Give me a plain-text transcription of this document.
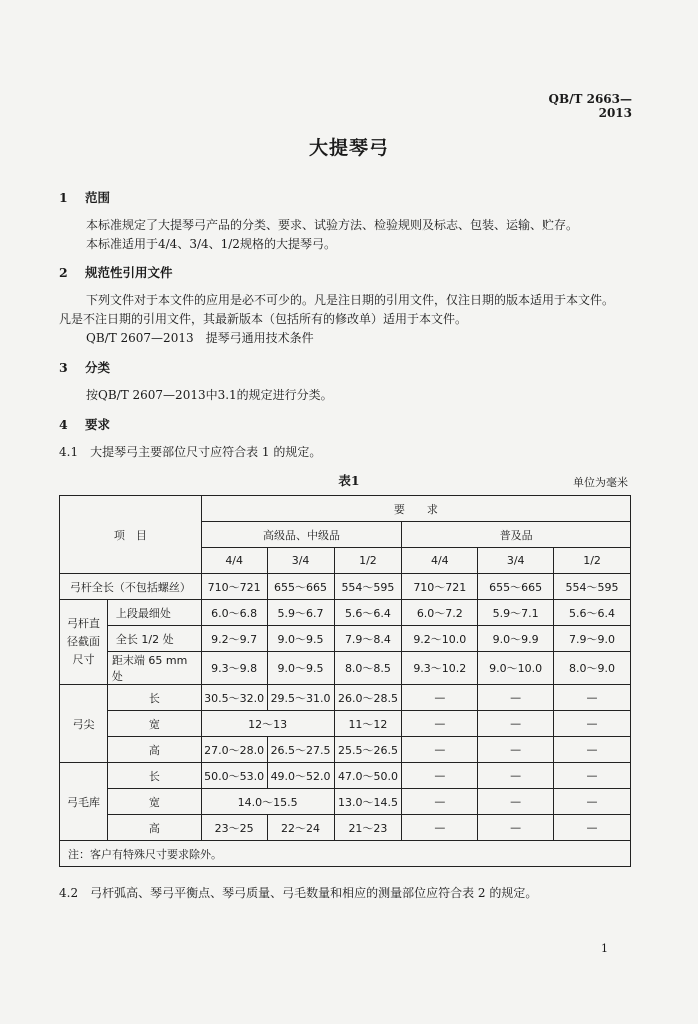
QB/T 2663—2013
大提琴弓
1 范围
本标准规定了大提琴弓产品的分类、要求、试验方法、检验规则及标志、包装、运输、贮存。
本标准适用于4/4、3/4、1/2规格的大提琴弓。
2 规范性引用文件
下列文件对于本文件的应用是必不可少的。凡是注日期的引用文件，仅注日期的版本适用于本文件。
凡是不注日期的引用文件，其最新版本（包括所有的修改单）适用于本文件。
QB/T 2607—2013　提琴弓通用技术条件
3 分类
按QB/T 2607—2013中3.1的规定进行分类。
4 要求
4.1　大提琴弓主要部位尺寸应符合表 1 的规定。
表1	单位为毫米
项　目		要　　求					
		高级品、中级品			普及品		
		4/4	3/4	1/2	4/4	3/4	1/2
弓杆全长（不包括螺丝）		710～721	655～665	554～595	710～721	655～665	554～595
弓杆直径截面尺寸	上段最细处	6.0～6.8	5.9～6.7	5.6～6.4	6.0～7.2	5.9～7.1	5.6～6.4
	全长 1/2 处	9.2～9.7	9.0～9.5	7.9～8.4	9.2～10.0	9.0～9.9	7.9～9.0
	距末端 65 mm 处	9.3～9.8	9.0～9.5	8.0～8.5	9.3～10.2	9.0～10.0	8.0～9.0
弓尖	长	30.5～32.0	29.5～31.0	26.0～28.5	—	—	—
	宽	12～13		11～12	—	—	—
	高	27.0～28.0	26.5～27.5	25.5～26.5	—	—	—
弓毛库	长	50.0～53.0	49.0～52.0	47.0～50.0	—	—	—
	宽	14.0～15.5		13.0～14.5	—	—	—
	高	23～25	22～24	21～23	—	—	—
注：客户有特殊尺寸要求除外。							
4.2　弓杆弧高、琴弓平衡点、琴弓质量、弓毛数量和相应的测量部位应符合表 2 的规定。
1
